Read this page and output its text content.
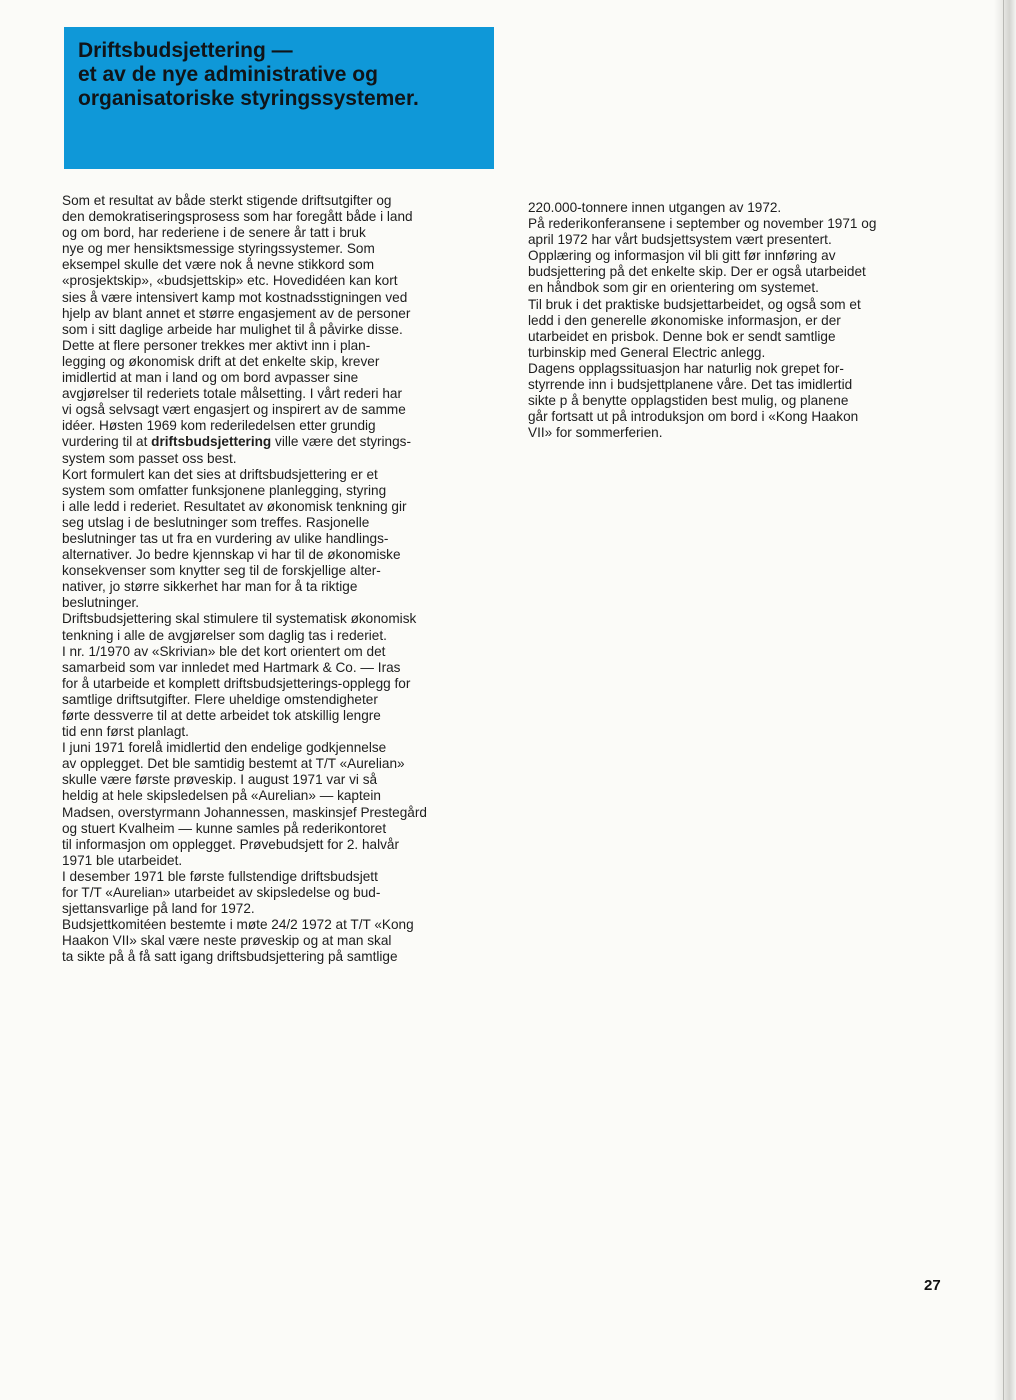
Driftsbudsjettering —
et av de nye administrative og
organisatoriske styringssystemer.
Som et resultat av både sterkt stigende driftsutgifter og
den demokratiseringsprosess som har foregått både i land
og om bord, har rederiene i de senere år tatt i bruk
nye og mer hensiktsmessige styringssystemer. Som
eksempel skulle det være nok å nevne stikkord som
«prosjektskip», «budsjettskip» etc. Hovedidéen kan kort
sies å være intensivert kamp mot kostnadsstigningen ved
hjelp av blant annet et større engasjement av de personer
som i sitt daglige arbeide har mulighet til å påvirke disse.
Dette at flere personer trekkes mer aktivt inn i plan-
legging og økonomisk drift at det enkelte skip, krever
imidlertid at man i land og om bord avpasser sine
avgjørelser til rederiets totale målsetting. I vårt rederi har
vi også selvsagt vært engasjert og inspirert av de samme
idéer. Høsten 1969 kom rederiledelsen etter grundig
vurdering til at driftsbudsjettering ville være det styrings-
system som passet oss best.
Kort formulert kan det sies at driftsbudsjettering er et
system som omfatter funksjonene planlegging, styring
i alle ledd i rederiet. Resultatet av økonomisk tenkning gir
seg utslag i de beslutninger som treffes. Rasjonelle
beslutninger tas ut fra en vurdering av ulike handlings-
alternativer. Jo bedre kjennskap vi har til de økonomiske
konsekvenser som knytter seg til de forskjellige alter-
nativer, jo større sikkerhet har man for å ta riktige
beslutninger.
Driftsbudsjettering skal stimulere til systematisk økonomisk
tenkning i alle de avgjørelser som daglig tas i rederiet.
I nr. 1/1970 av «Skrivian» ble det kort orientert om det
samarbeid som var innledet med Hartmark & Co. — Iras
for å utarbeide et komplett driftsbudsjetterings-opplegg for
samtlige driftsutgifter. Flere uheldige omstendigheter
førte dessverre til at dette arbeidet tok atskillig lengre
tid enn først planlagt.
I juni 1971 forelå imidlertid den endelige godkjennelse
av opplegget. Det ble samtidig bestemt at T/T «Aurelian»
skulle være første prøveskip. I august 1971 var vi så
heldig at hele skipsledelsen på «Aurelian» — kaptein
Madsen, overstyrmann Johannessen, maskinsjef Prestegård
og stuert Kvalheim — kunne samles på rederikontoret
til informasjon om opplegget. Prøvebudsjett for 2. halvår
1971 ble utarbeidet.
I desember 1971 ble første fullstendige driftsbudsjett
for T/T «Aurelian» utarbeidet av skipsledelse og bud-
sjettansvarlige på land for 1972.
Budsjettkomitéen bestemte i møte 24/2 1972 at T/T «Kong
Haakon VII» skal være neste prøveskip og at man skal
ta sikte på å få satt igang driftsbudsjettering på samtlige
220.000-tonnere innen utgangen av 1972.
På rederikonferansene i september og november 1971 og
april 1972 har vårt budsjettsystem vært presentert.
Opplæring og informasjon vil bli gitt før innføring av
budsjettering på det enkelte skip. Der er også utarbeidet
en håndbok som gir en orientering om systemet.
Til bruk i det praktiske budsjettarbeidet, og også som et
ledd i den generelle økonomiske informasjon, er der
utarbeidet en prisbok. Denne bok er sendt samtlige
turbinskip med General Electric anlegg.
Dagens opplagssituasjon har naturlig nok grepet for-
styrrende inn i budsjettplanene våre. Det tas imidlertid
sikte p å benytte opplagstiden best mulig, og planene
går fortsatt ut på introduksjon om bord i «Kong Haakon
VII» for sommerferien.
27
